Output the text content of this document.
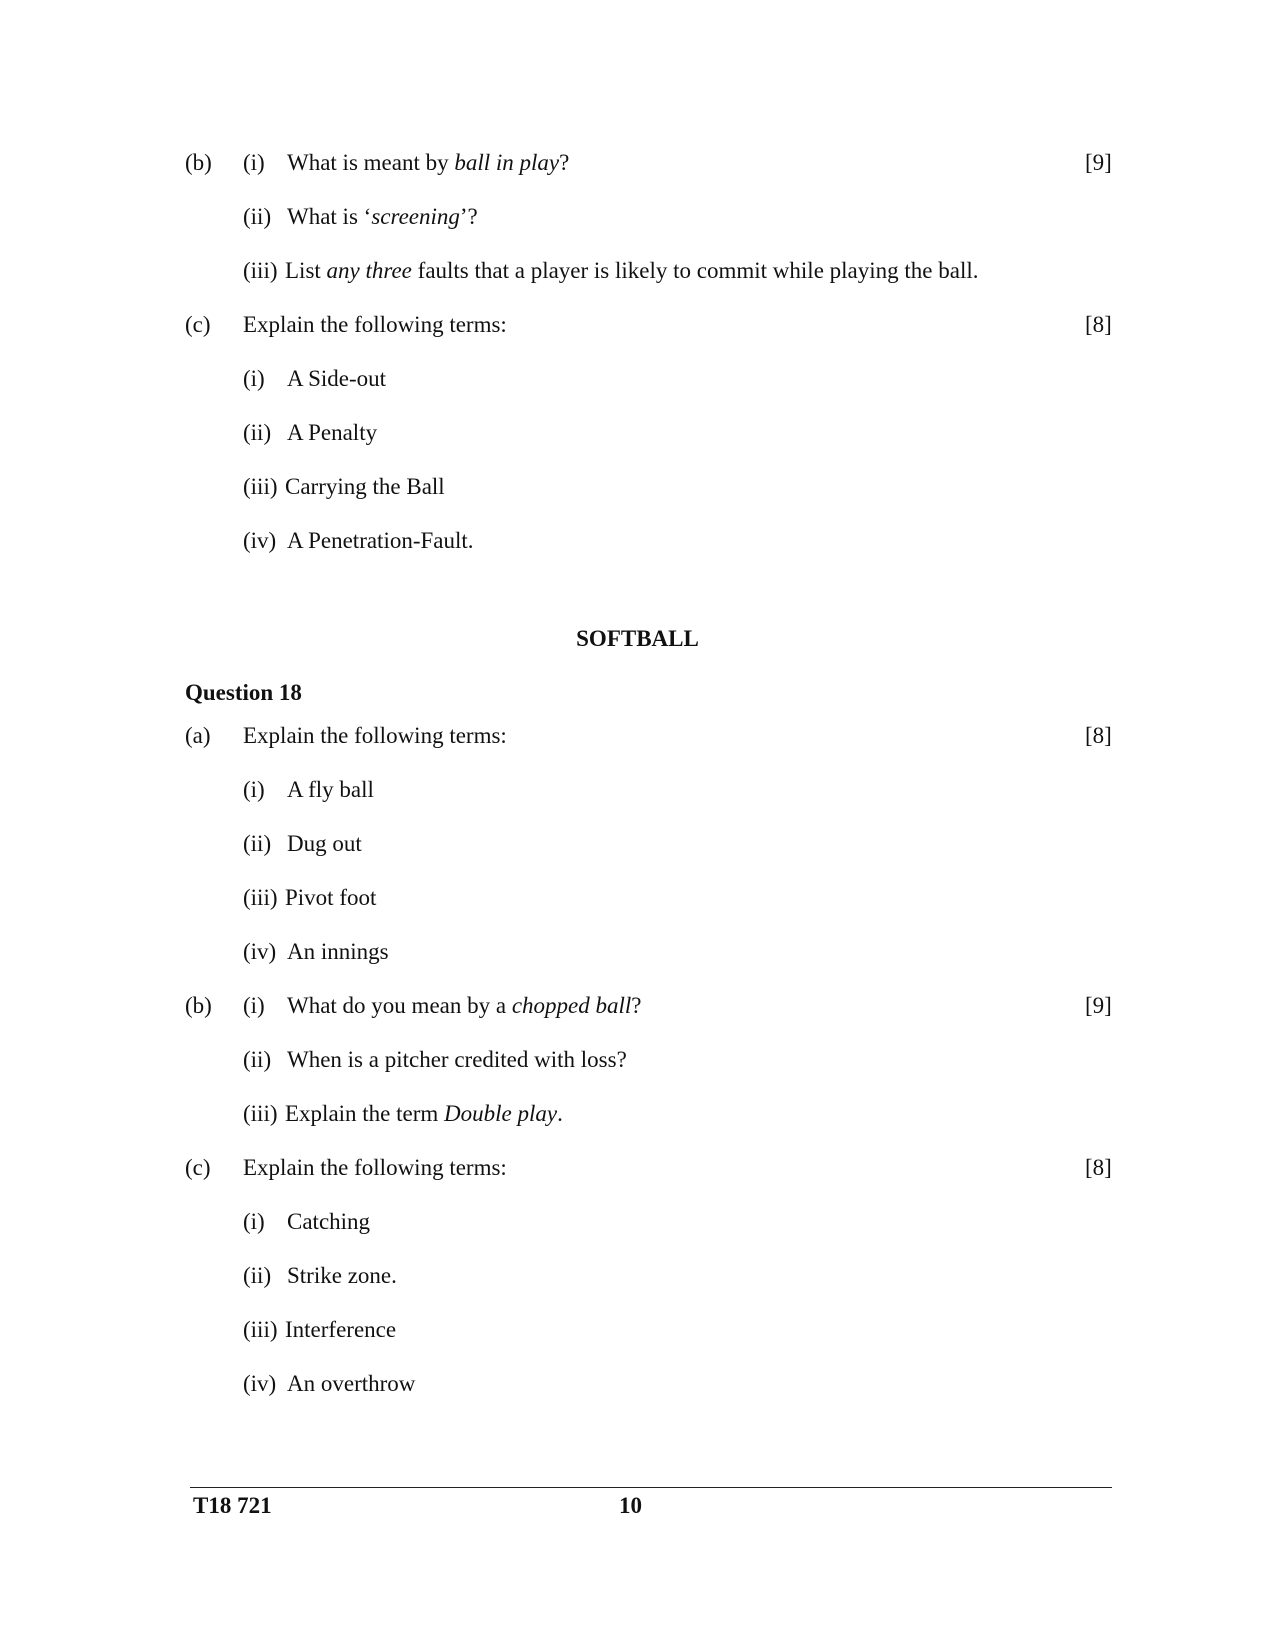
(b) (i) What is meant by ball in play?	[9]
(ii) What is ‘screening’?
(iii) List any three faults that a player is likely to commit while playing the ball.
(c) Explain the following terms:	[8]
(i) A Side-out
(ii) A Penalty
(iii) Carrying the Ball
(iv) A Penetration-Fault.
SOFTBALL
Question 18
(a) Explain the following terms:	[8]
(i) A fly ball
(ii) Dug out
(iii) Pivot foot
(iv) An innings
(b) (i) What do you mean by a chopped ball?	[9]
(ii) When is a pitcher credited with loss?
(iii) Explain the term Double play.
(c) Explain the following terms:	[8]
(i) Catching
(ii) Strike zone.
(iii) Interference
(iv) An overthrow
T18 721	10
